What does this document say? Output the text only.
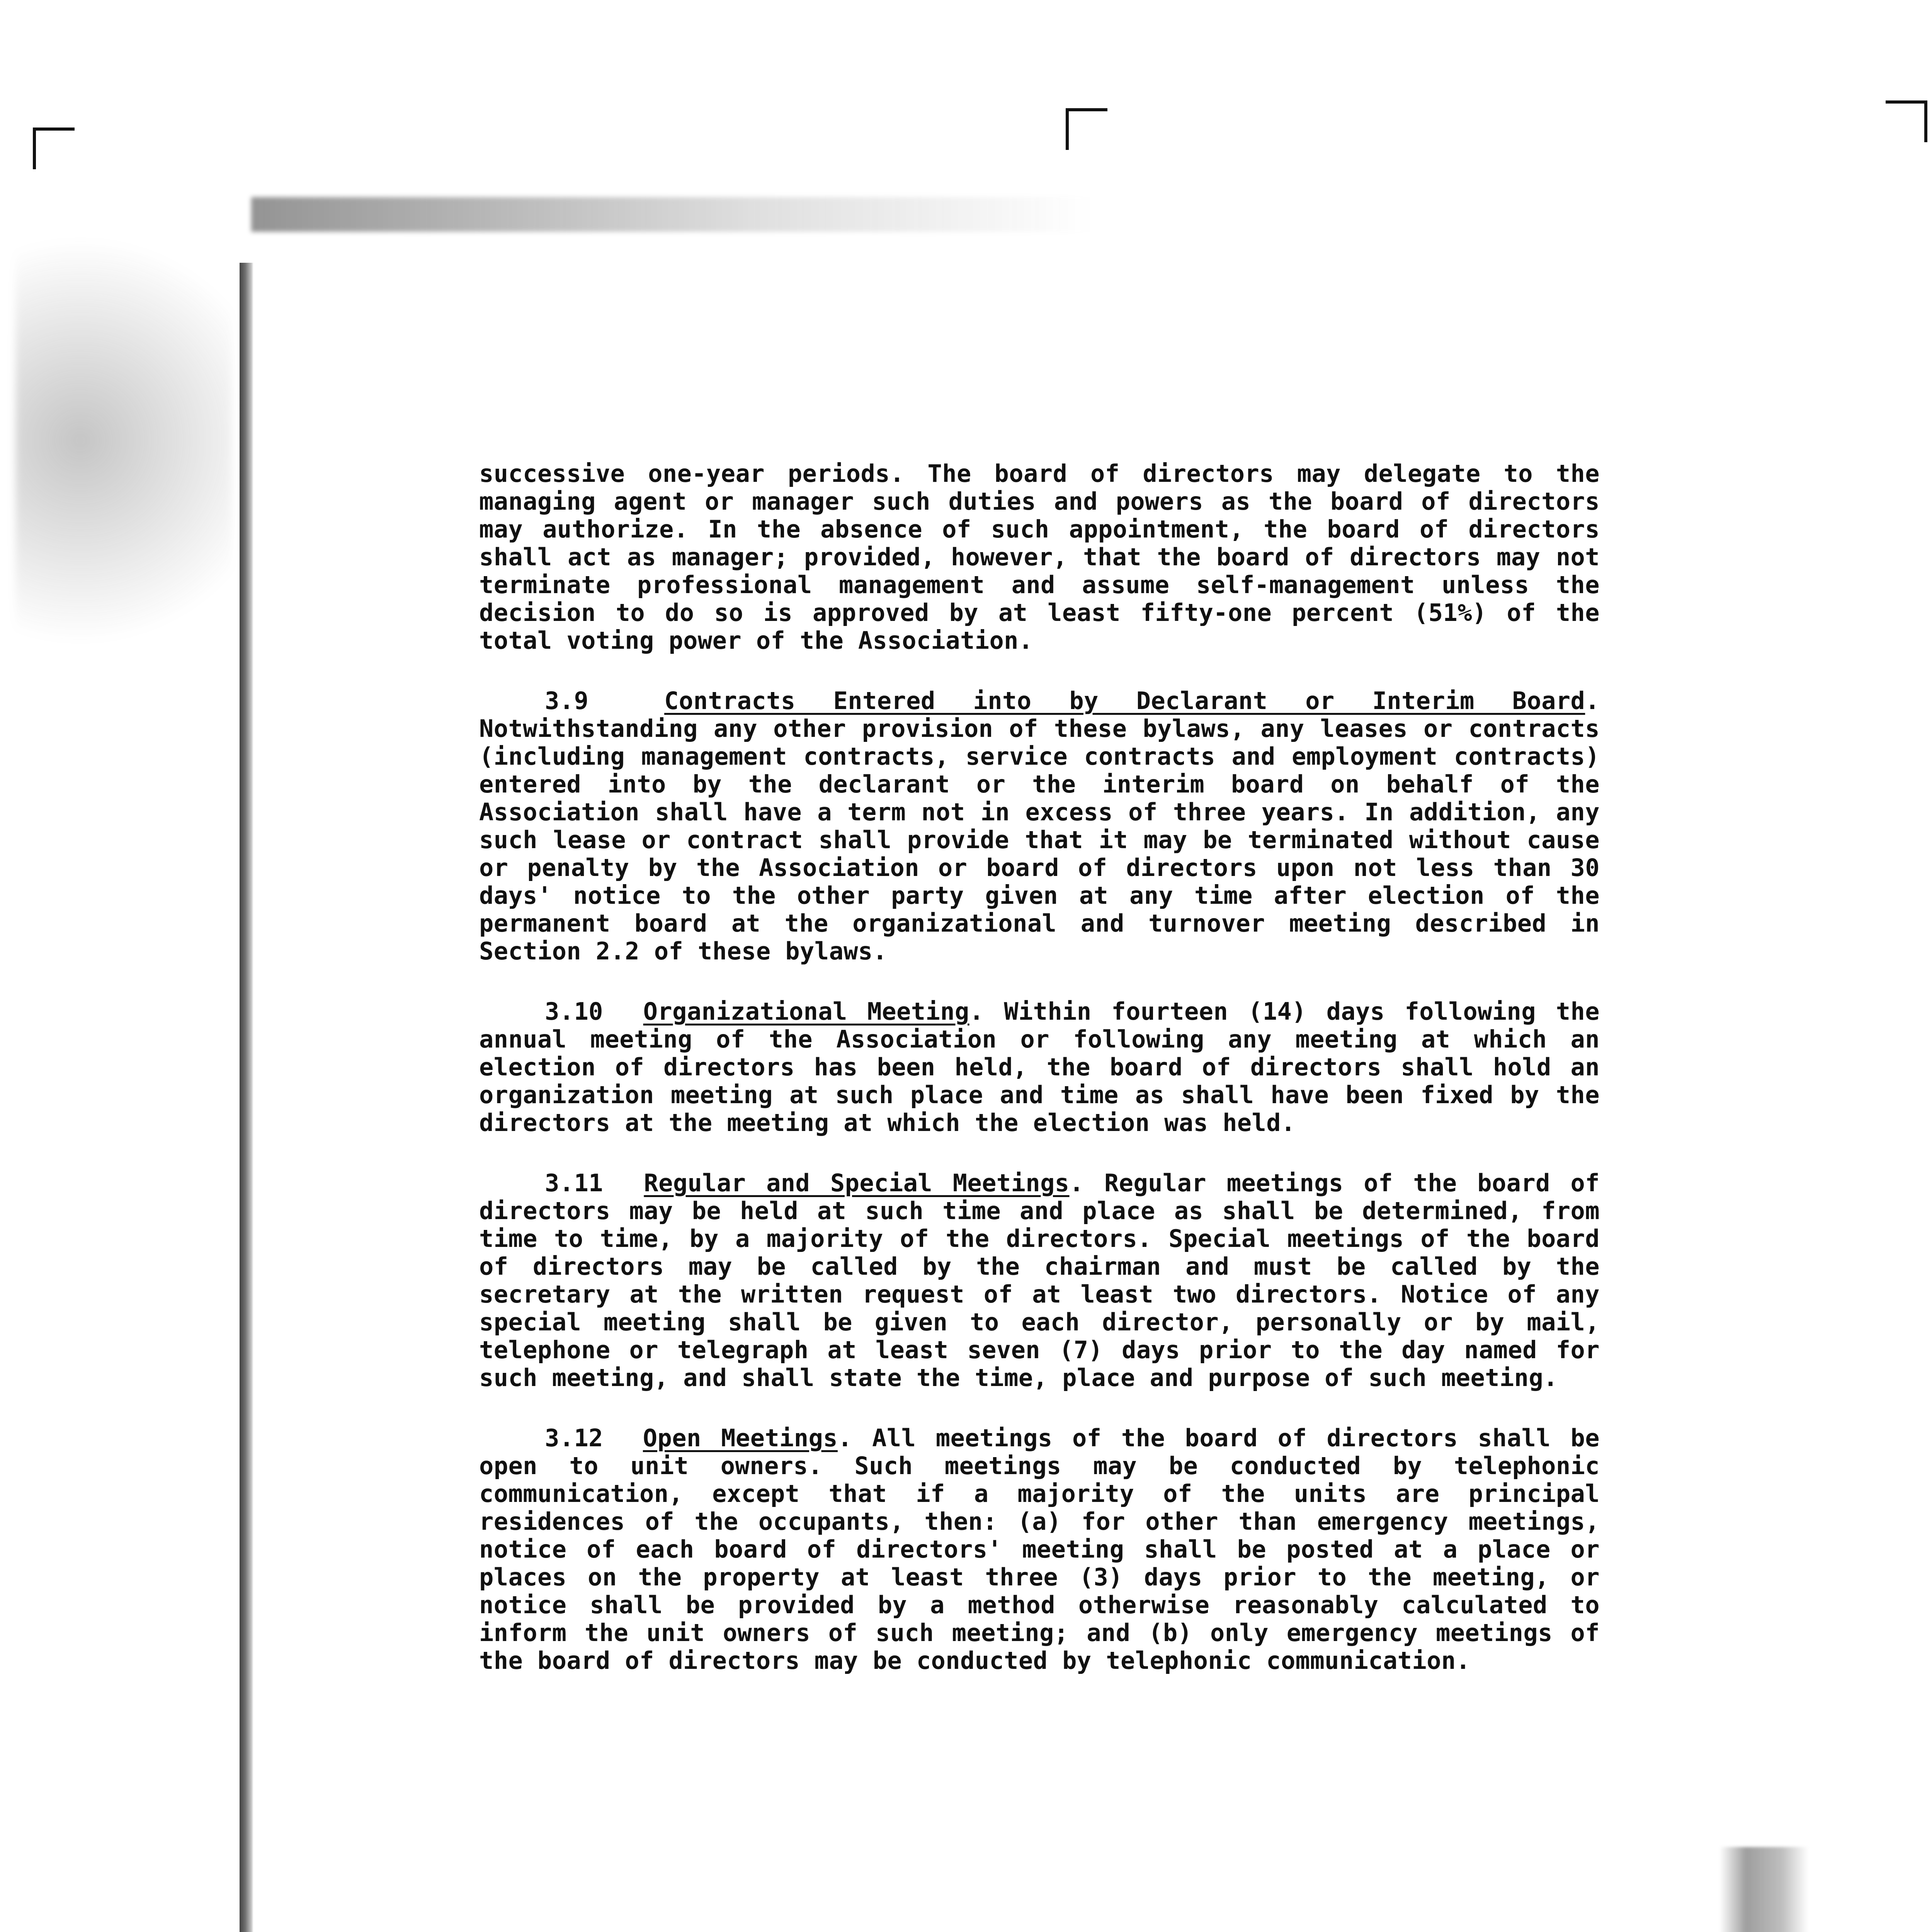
successive one-year periods. The board of directors may delegate to the managing agent or manager such duties and powers as the board of directors may authorize. In the absence of such appointment, the board of directors shall act as manager; provided, however, that the board of directors may not terminate professional management and assume self-management unless the decision to do so is approved by at least fifty-one percent (51%) of the total voting power of the Association.

3.9	Contracts Entered into by Declarant or Interim Board. Notwithstanding any other provision of these bylaws, any leases or contracts (including management contracts, service contracts and employment contracts) entered into by the declarant or the interim board on behalf of the Association shall have a term not in excess of three years. In addition, any such lease or contract shall provide that it may be terminated without cause or penalty by the Association or board of directors upon not less than 30 days' notice to the other party given at any time after election of the permanent board at the organizational and turnover meeting described in Section 2.2 of these bylaws.

3.10 Organizational Meeting. Within fourteen (14) days following the annual meeting of the Association or following any meeting at which an election of directors has been held, the board of directors shall hold an organization meeting at such place and time as shall have been fixed by the directors at the meeting at which the election was held.

3.11 Regular and Special Meetings. Regular meetings of the board of directors may be held at such time and place as shall be determined, from time to time, by a majority of the directors. Special meetings of the board of directors may be called by the chairman and must be called by the secretary at the written request of at least two directors. Notice of any special meeting shall be given to each director, personally or by mail, telephone or telegraph at least seven (7) days prior to the day named for such meeting, and shall state the time, place and purpose of such meeting.

3.12 Open Meetings. All meetings of the board of directors shall be open to unit owners. Such meetings may be conducted by telephonic communication, except that if a majority of the units are principal residences of the occupants, then: (a) for other than emergency meetings, notice of each board of directors' meeting shall be posted at a place or places on the property at least three (3) days prior to the meeting, or notice shall be provided by a method otherwise reasonably calculated to inform the unit owners of such meeting; and (b) only emergency meetings of the board of directors may be conducted by telephonic communication.
